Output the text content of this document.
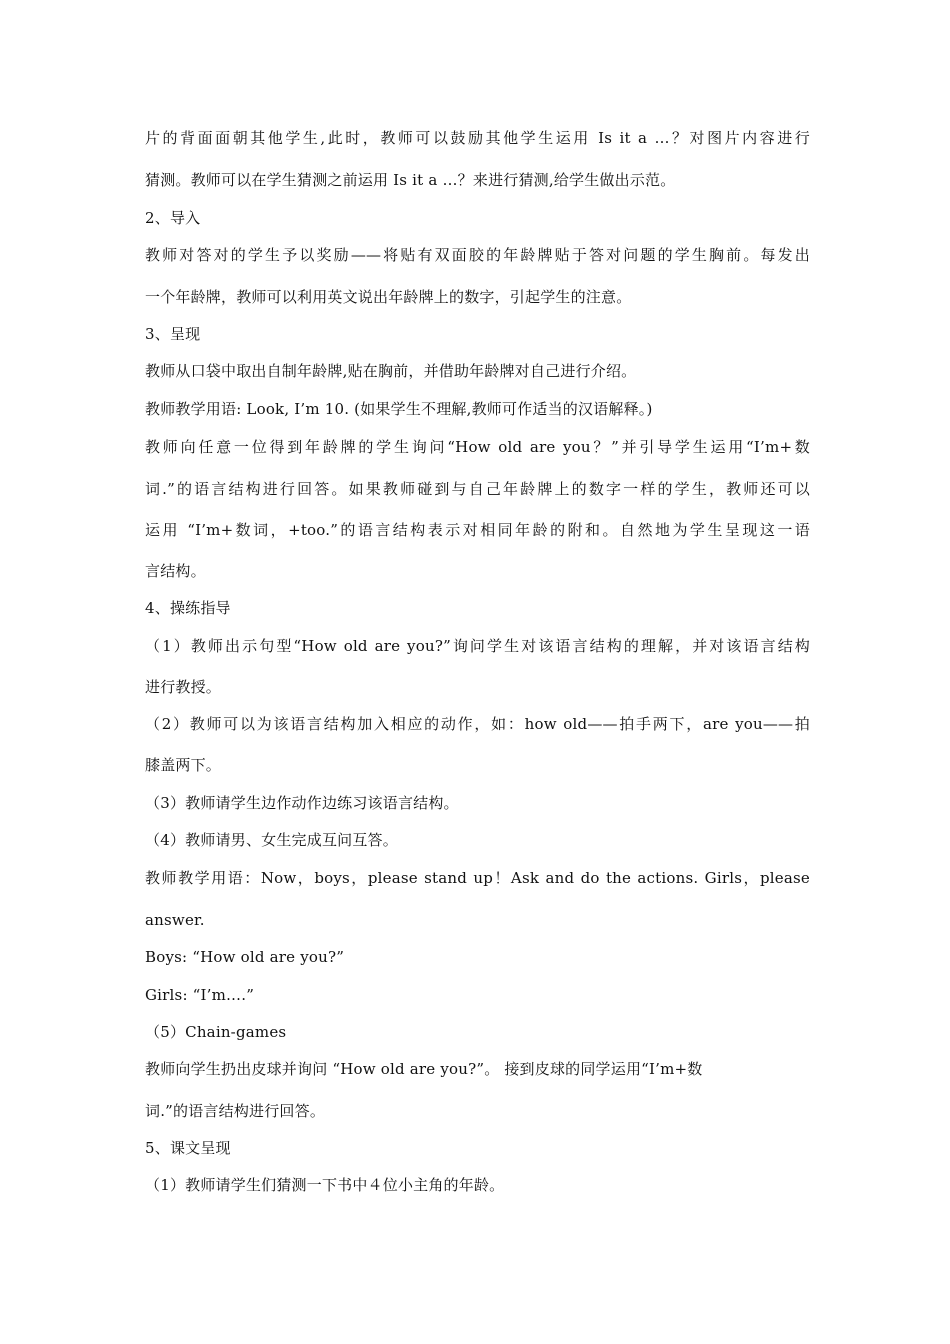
片的背面面朝其他学生,此时，教师可以鼓励其他学生运用 Is it a …？对图片内容进行
猜测。教师可以在学生猜测之前运用 Is it a …？来进行猜测,给学生做出示范。
2、导入
教师对答对的学生予以奖励——将贴有双面胶的年龄牌贴于答对问题的学生胸前。每发出
一个年龄牌，教师可以利用英文说出年龄牌上的数字，引起学生的注意。
3、呈现
教师从口袋中取出自制年龄牌,贴在胸前，并借助年龄牌对自己进行介绍。
教师教学用语: Look, I’m 10. (如果学生不理解,教师可作适当的汉语解释。)
教师向任意一位得到年龄牌的学生询问“How old are you？”并引导学生运用“I’m+数
词.”的语言结构进行回答。如果教师碰到与自己年龄牌上的数字一样的学生，教师还可以
运用 “I’m+数词，+too.”的语言结构表示对相同年龄的附和。自然地为学生呈现这一语
言结构。
4、操练指导
（1）教师出示句型“How old are you?”询问学生对该语言结构的理解，并对该语言结构
进行教授。
（2）教师可以为该语言结构加入相应的动作，如：how old——拍手两下，are you——拍
膝盖两下。
（3）教师请学生边作动作边练习该语言结构。
（4）教师请男、女生完成互问互答。
教师教学用语：Now，boys，please stand up！Ask and do the actions. Girls，please
answer.
Boys: “How old are you?”
Girls: “I’m….”
（5）Chain-games
教师向学生扔出皮球并询问 “How old are you?”。 接到皮球的同学运用“I’m+数
词.”的语言结构进行回答。
5、课文呈现
（1）教师请学生们猜测一下书中４位小主角的年龄。
